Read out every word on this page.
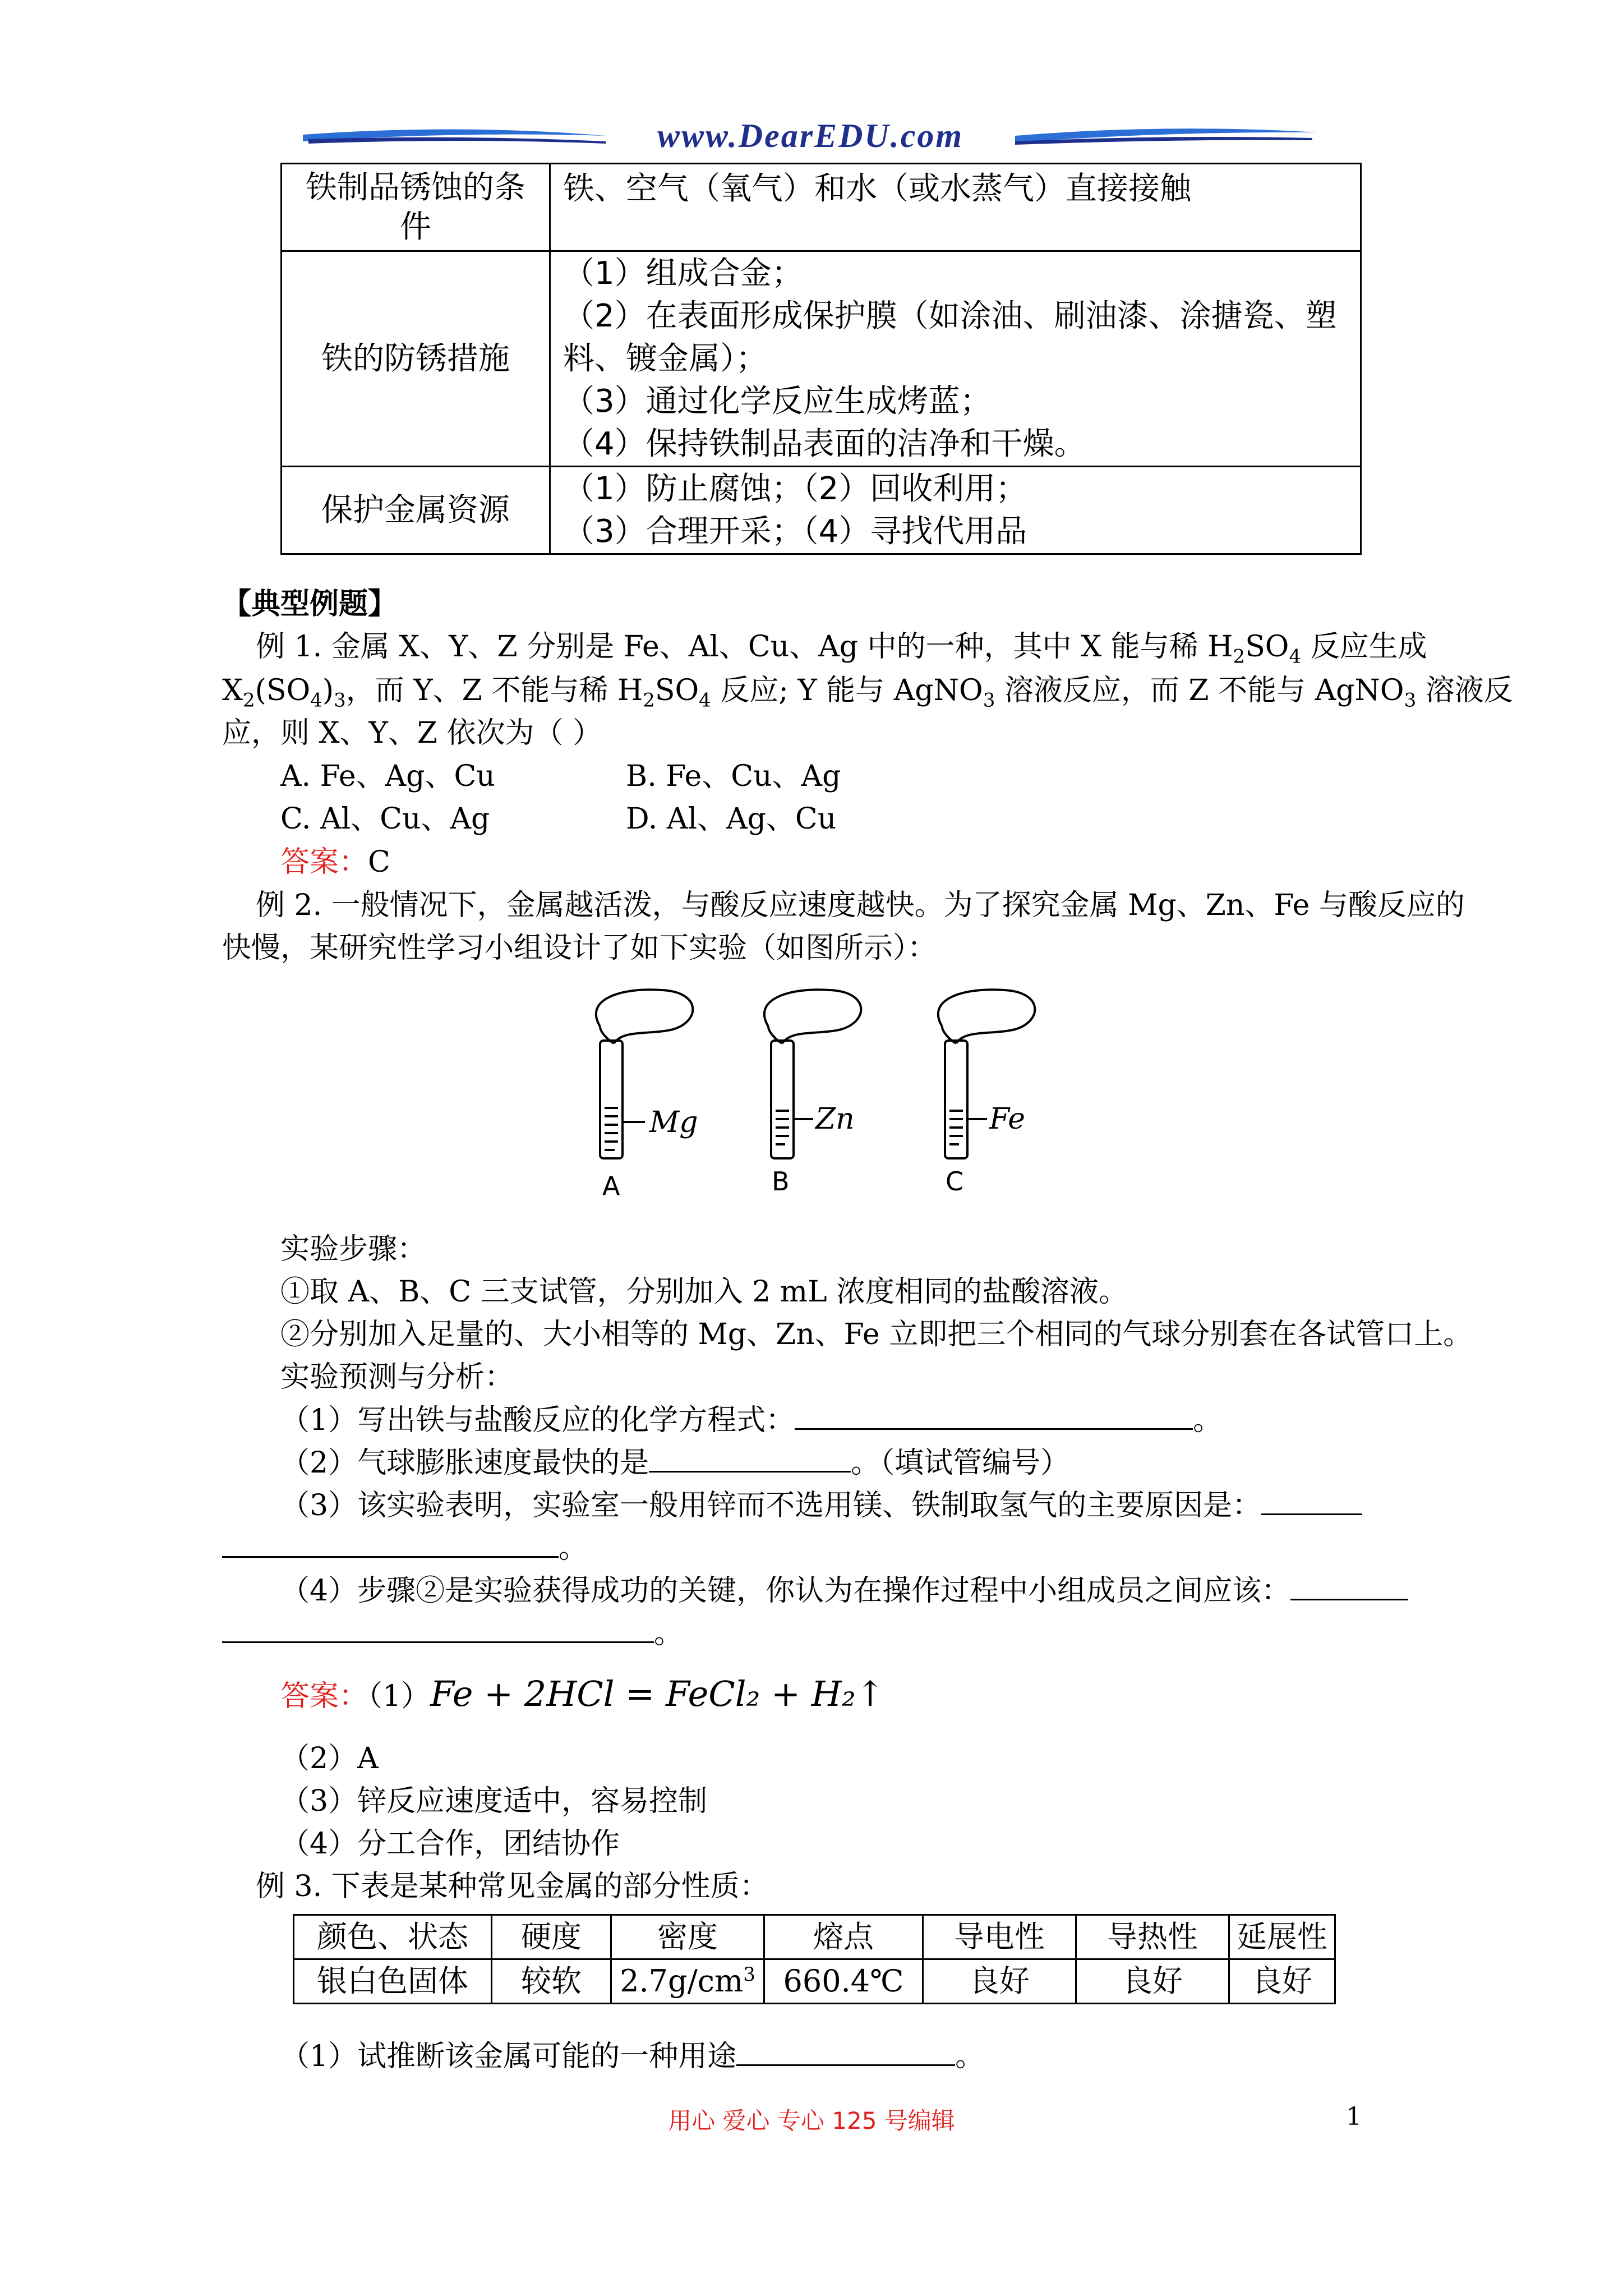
www.DearEDU.com
铁制品锈蚀的条件	铁、空气（氧气）和水（或水蒸气）直接接触

铁的防锈措施	（1）组成合金；
（2）在表面形成保护膜（如涂油、刷油漆、涂搪瓷、塑料、镀金属）；
（3）通过化学反应生成烤蓝；
（4）保持铁制品表面的洁净和干燥。

保护金属资源	（1）防止腐蚀；（2）回收利用；
（3）合理开采；（4）寻找代用品
【典型例题】
例 1. 金属 X、Y、Z 分别是 Fe、Al、Cu、Ag 中的一种，其中 X 能与稀 $H_2SO_4$ 反应生成
$X_2(SO_4)_3$，而 Y、Z 不能与稀 $H_2SO_4$ 反应; Y 能与 AgNO$_3$ 溶液反应，而 Z 不能与 AgNO$_3$ 溶液反
应，则 X、Y、Z 依次为（ ）
A. Fe、Ag、Cu	B. Fe、Cu、Ag
C. Al、Cu、Ag	D. Al、Ag、Cu
答案：C
例 2. 一般情况下，金属越活泼，与酸反应速度越快。为了探究金属 Mg、Zn、Fe 与酸反应的
快慢，某研究性学习小组设计了如下实验（如图所示）：
Mg	Zn	Fe
A	B	C
实验步骤：
①取 A、B、C 三支试管，分别加入 2 mL 浓度相同的盐酸溶液。
②分别加入足量的、大小相等的 Mg、Zn、Fe 立即把三个相同的气球分别套在各试管口上。
实验预测与分析：
（1）写出铁与盐酸反应的化学方程式：	。
（2）气球膨胀速度最快的是	。（填试管编号）
（3）该实验表明，实验室一般用锌而不选用镁、铁制取氢气的主要原因是：
。
（4）步骤②是实验获得成功的关键，你认为在操作过程中小组成员之间应该：
。
答案：（1）Fe + 2HCl = FeCl₂ + H₂↑
（2）A
（3）锌反应速度适中，容易控制
（4）分工合作，团结协作
例 3. 下表是某种常见金属的部分性质：
颜色、状态	硬度	密度	熔点	导电性	导热性	延展性
银白色固体	较软	$2.7g/cm^3$	660.4℃	良好	良好	良好
（1）试推断该金属可能的一种用途	。
用心 爱心 专心 125 号编辑	1
